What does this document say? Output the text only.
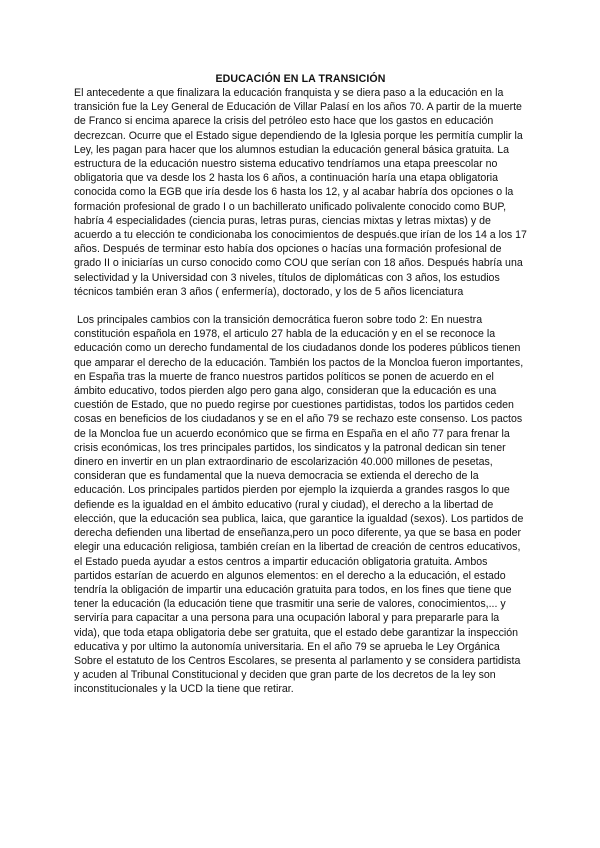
EDUCACIÓN EN LA TRANSICIÓN

El antecedente a que finalizara la educación franquista y se diera paso a la educación en la transición fue la Ley General de Educación de Villar Palasí en los años 70. A partir de la muerte de Franco si encima aparece la crisis del petróleo esto hace que los gastos en educación decrezcan. Ocurre que el Estado sigue dependiendo de la Iglesia porque les permitía cumplir la Ley, les pagan para hacer que los alumnos estudian la educación general básica gratuita. La estructura de la educación nuestro sistema educativo tendríamos una etapa preescolar no obligatoria que va desde los 2 hasta los 6 años, a continuación haría una etapa obligatoria conocida como la EGB que iría desde los 6 hasta los 12, y al acabar habría dos opciones o la formación profesional de grado I o un bachillerato unificado polivalente conocido como BUP, habría 4 especialidades (ciencia puras, letras puras, ciencias mixtas y letras mixtas) y de acuerdo a tu elección te condicionaba los conocimientos de después.que irían de los 14 a los 17 años. Después de terminar esto había dos opciones o hacías una formación profesional de grado II o iniciarías un curso conocido como COU que serían con 18 años. Después habría una selectividad y la Universidad con 3 niveles, títulos de diplomáticas con 3 años, los estudios técnicos también eran 3 años ( enfermería), doctorado, y los de 5 años licenciatura

Los principales cambios con la transición democrática fueron sobre todo 2: En nuestra constitución española en 1978, el articulo 27 habla de la educación y en el se reconoce la educación como un derecho fundamental de los ciudadanos donde los poderes públicos tienen que amparar el derecho de la educación. También los pactos de la Moncloa fueron importantes, en España tras la muerte de franco nuestros partidos políticos se ponen de acuerdo en el ámbito educativo, todos pierden algo pero gana algo, consideran que la educación es una cuestión de Estado, que no puedo regirse por cuestiones partidistas, todos los partidos ceden cosas en beneficios de los ciudadanos y se en el año 79 se rechazo este consenso. Los pactos de la Moncloa fue un acuerdo económico que se firma en España en el año 77 para frenar la crisis económicas, los tres principales partidos, los sindicatos y la patronal dedican sin tener dinero en invertir en un plan extraordinario de escolarización 40.000 millones de pesetas, consideran que es fundamental que la nueva democracia se extienda el derecho de la educación. Los principales partidos pierden por ejemplo la izquierda a grandes rasgos lo que defiende es la igualdad en el ámbito educativo (rural y ciudad), el derecho a la libertad de elección, que la educación sea publica, laica, que garantice la igualdad (sexos). Los partidos de derecha defienden una libertad de enseñanza,pero un poco diferente, ya que se basa en poder elegir una educación religiosa, también creían en la libertad de creación de centros educativos, el Estado pueda ayudar a estos centros a impartir educación obligatoria gratuita. Ambos partidos estarían de acuerdo en algunos elementos: en el derecho a la educación, el estado tendría la obligación de impartir una educación gratuita para todos, en los fines que tiene que tener la educación (la educación tiene que trasmitir una serie de valores, conocimientos,... y serviría para capacitar a una persona para una ocupación laboral y para prepararle para la vida), que toda etapa obligatoria debe ser gratuita, que el estado debe garantizar la inspección educativa y por ultimo la autonomía universitaria. En el año 79 se aprueba le Ley Orgánica Sobre el estatuto de los Centros Escolares, se presenta al parlamento y se considera partidista y acuden al Tribunal Constitucional y deciden que gran parte de los decretos de la ley son inconstitucionales y la UCD la tiene que retirar.
